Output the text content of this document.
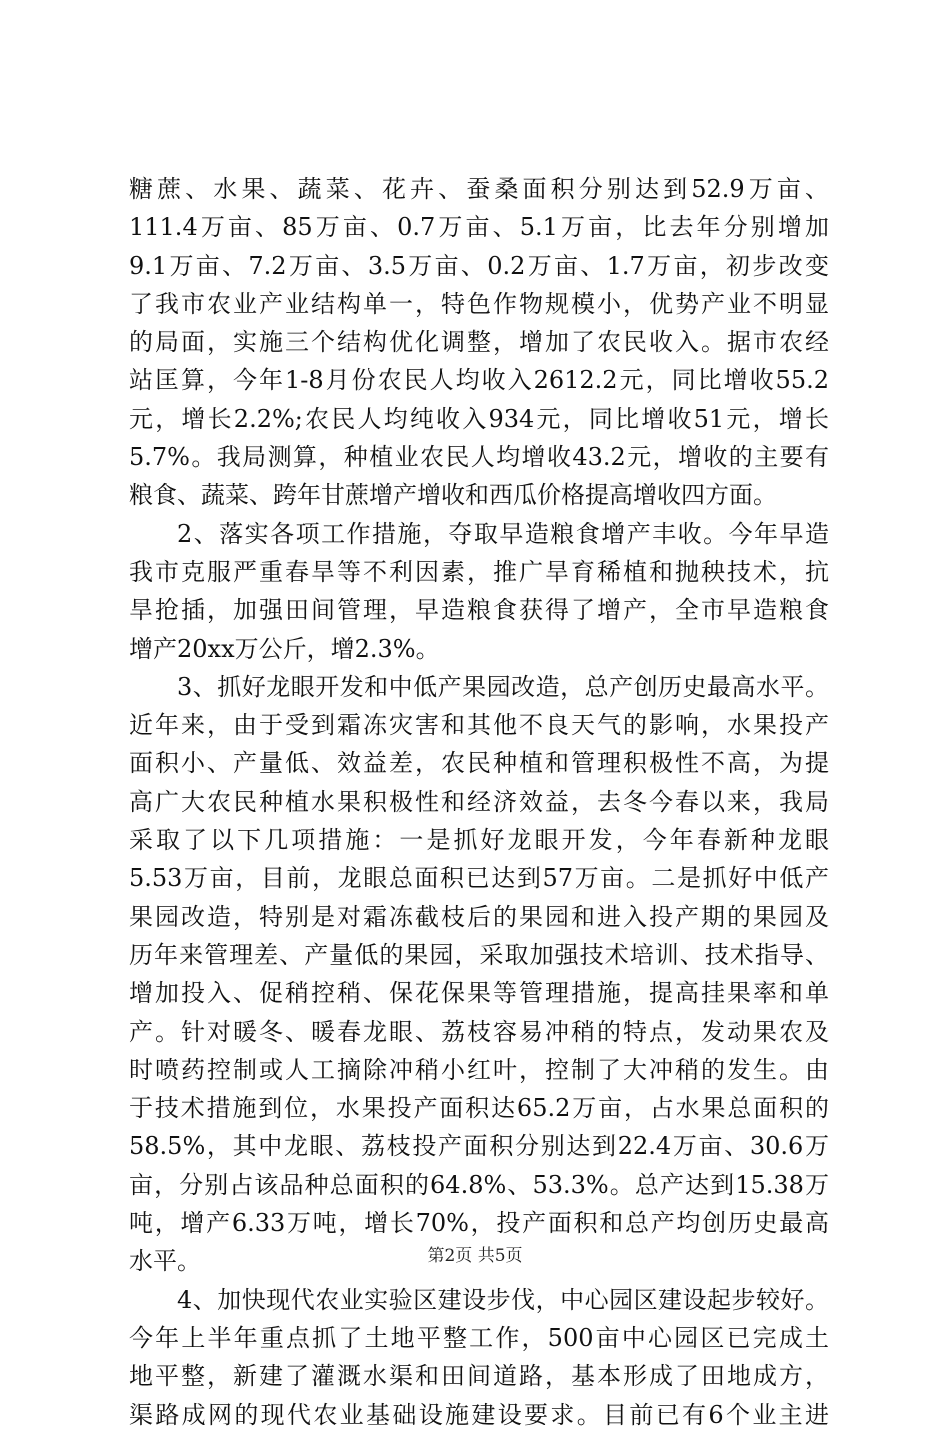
糖蔗、水果、蔬菜、花卉、蚕桑面积分别达到52.9万亩、
111.4万亩、85万亩、0.7万亩、5.1万亩，比去年分别增加
9.1万亩、7.2万亩、3.5万亩、0.2万亩、1.7万亩，初步改变
了我市农业产业结构单一，特色作物规模小，优势产业不明显
的局面，实施三个结构优化调整，增加了农民收入。据市农经
站匡算，今年1-8月份农民人均收入2612.2元，同比增收55.2
元，增长2.2%;农民人均纯收入934元，同比增收51元，增长
5.7%。我局测算，种植业农民人均增收43.2元，增收的主要有
粮食、蔬菜、跨年甘蔗增产增收和西瓜价格提高增收四方面。
2、落实各项工作措施，夺取早造粮食增产丰收。今年早造
我市克服严重春旱等不利因素，推广旱育稀植和抛秧技术，抗
旱抢插，加强田间管理，早造粮食获得了增产，全市早造粮食
增产20xx万公斤，增2.3%。
3、抓好龙眼开发和中低产果园改造，总产创历史最高水平。
近年来，由于受到霜冻灾害和其他不良天气的影响，水果投产
面积小、产量低、效益差，农民种植和管理积极性不高，为提
高广大农民种植水果积极性和经济效益，去冬今春以来，我局
采取了以下几项措施：一是抓好龙眼开发，今年春新种龙眼
5.53万亩，目前，龙眼总面积已达到57万亩。二是抓好中低产
果园改造，特别是对霜冻截枝后的果园和进入投产期的果园及
历年来管理差、产量低的果园，采取加强技术培训、技术指导、
增加投入、促稍控稍、保花保果等管理措施，提高挂果率和单
产。针对暖冬、暖春龙眼、荔枝容易冲稍的特点，发动果农及
时喷药控制或人工摘除冲稍小红叶，控制了大冲稍的发生。由
于技术措施到位，水果投产面积达65.2万亩，占水果总面积的
58.5%，其中龙眼、荔枝投产面积分别达到22.4万亩、30.6万
亩，分别占该品种总面积的64.8%、53.3%。总产达到15.38万
吨，增产6.33万吨，增长70%，投产面积和总产均创历史最高
水平。
4、加快现代农业实验区建设步伐，中心园区建设起步较好。
今年上半年重点抓了土地平整工作，500亩中心园区已完成土
地平整，新建了灌溉水渠和田间道路，基本形成了田地成方，
渠路成网的现代农业基础设施建设要求。目前已有6个业主进
第2页 共5页
